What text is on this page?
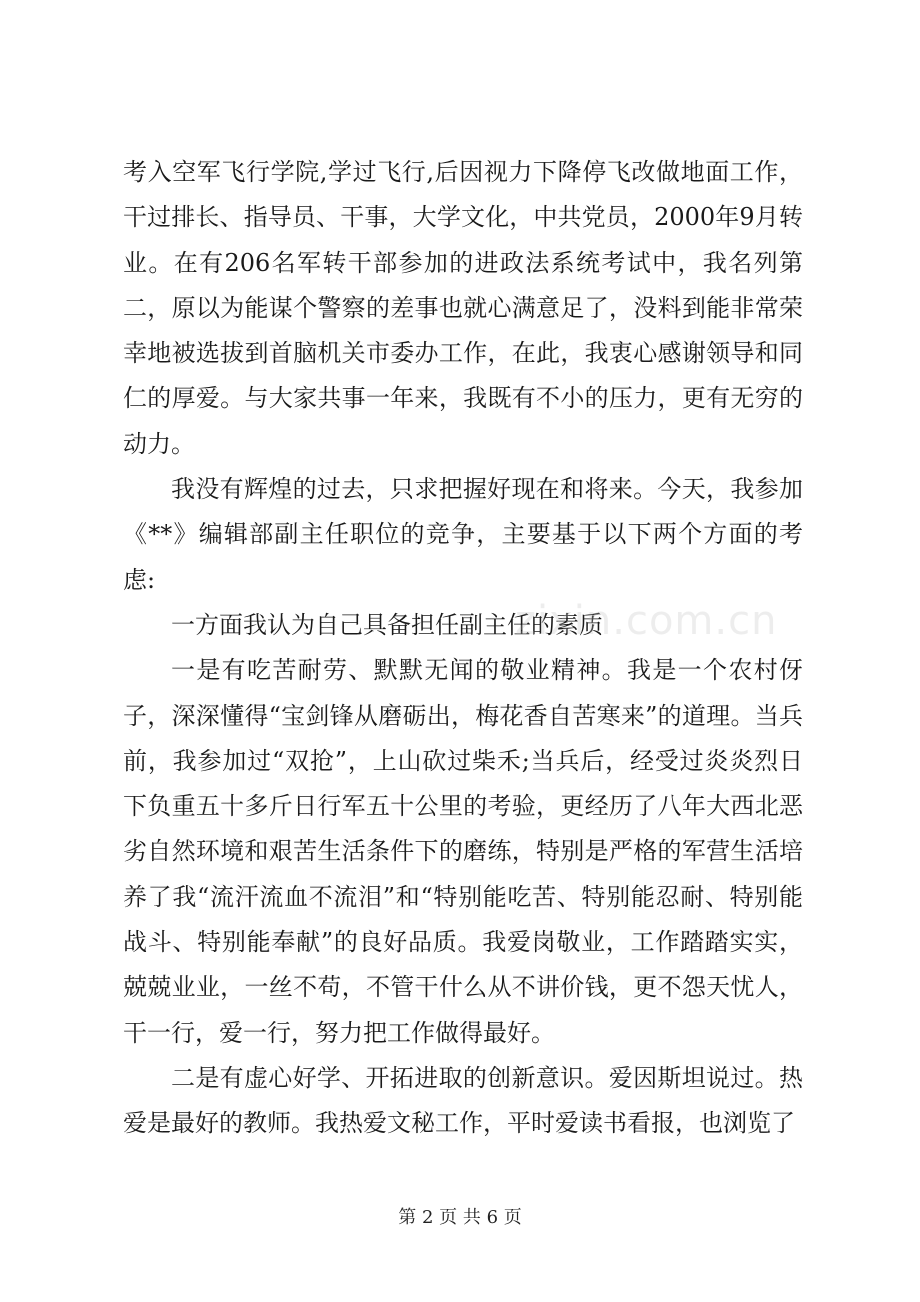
考入空军飞行学院,学过飞行,后因视力下降停飞改做地面工作，干过排长、指导员、干事，大学文化，中共党员，2000年9月转业。在有206名军转干部参加的进政法系统考试中，我名列第二，原以为能谋个警察的差事也就心满意足了，没料到能非常荣幸地被选拔到首脑机关市委办工作，在此，我衷心感谢领导和同仁的厚爱。与大家共事一年来，我既有不小的压力，更有无穷的动力。

我没有辉煌的过去，只求把握好现在和将来。今天，我参加《**》编辑部副主任职位的竞争，主要基于以下两个方面的考虑:

一方面我认为自己具备担任副主任的素质

一是有吃苦耐劳、默默无闻的敬业精神。我是一个农村伢子，深深懂得“宝剑锋从磨砺出，梅花香自苦寒来”的道理。当兵前，我参加过“双抢”，上山砍过柴禾;当兵后，经受过炎炎烈日下负重五十多斤日行军五十公里的考验，更经历了八年大西北恶劣自然环境和艰苦生活条件下的磨练，特别是严格的军营生活培养了我“流汗流血不流泪”和“特别能吃苦、特别能忍耐、特别能战斗、特别能奉献”的良好品质。我爱岗敬业，工作踏踏实实，兢兢业业，一丝不苟，不管干什么从不讲价钱，更不怨天忧人，干一行，爱一行，努力把工作做得最好。

二是有虚心好学、开拓进取的创新意识。爱因斯坦说过。热爱是最好的教师。我热爱文秘工作，平时爱读书看报，也浏览了

zixin.com.cn
第 2 页 共 6 页
